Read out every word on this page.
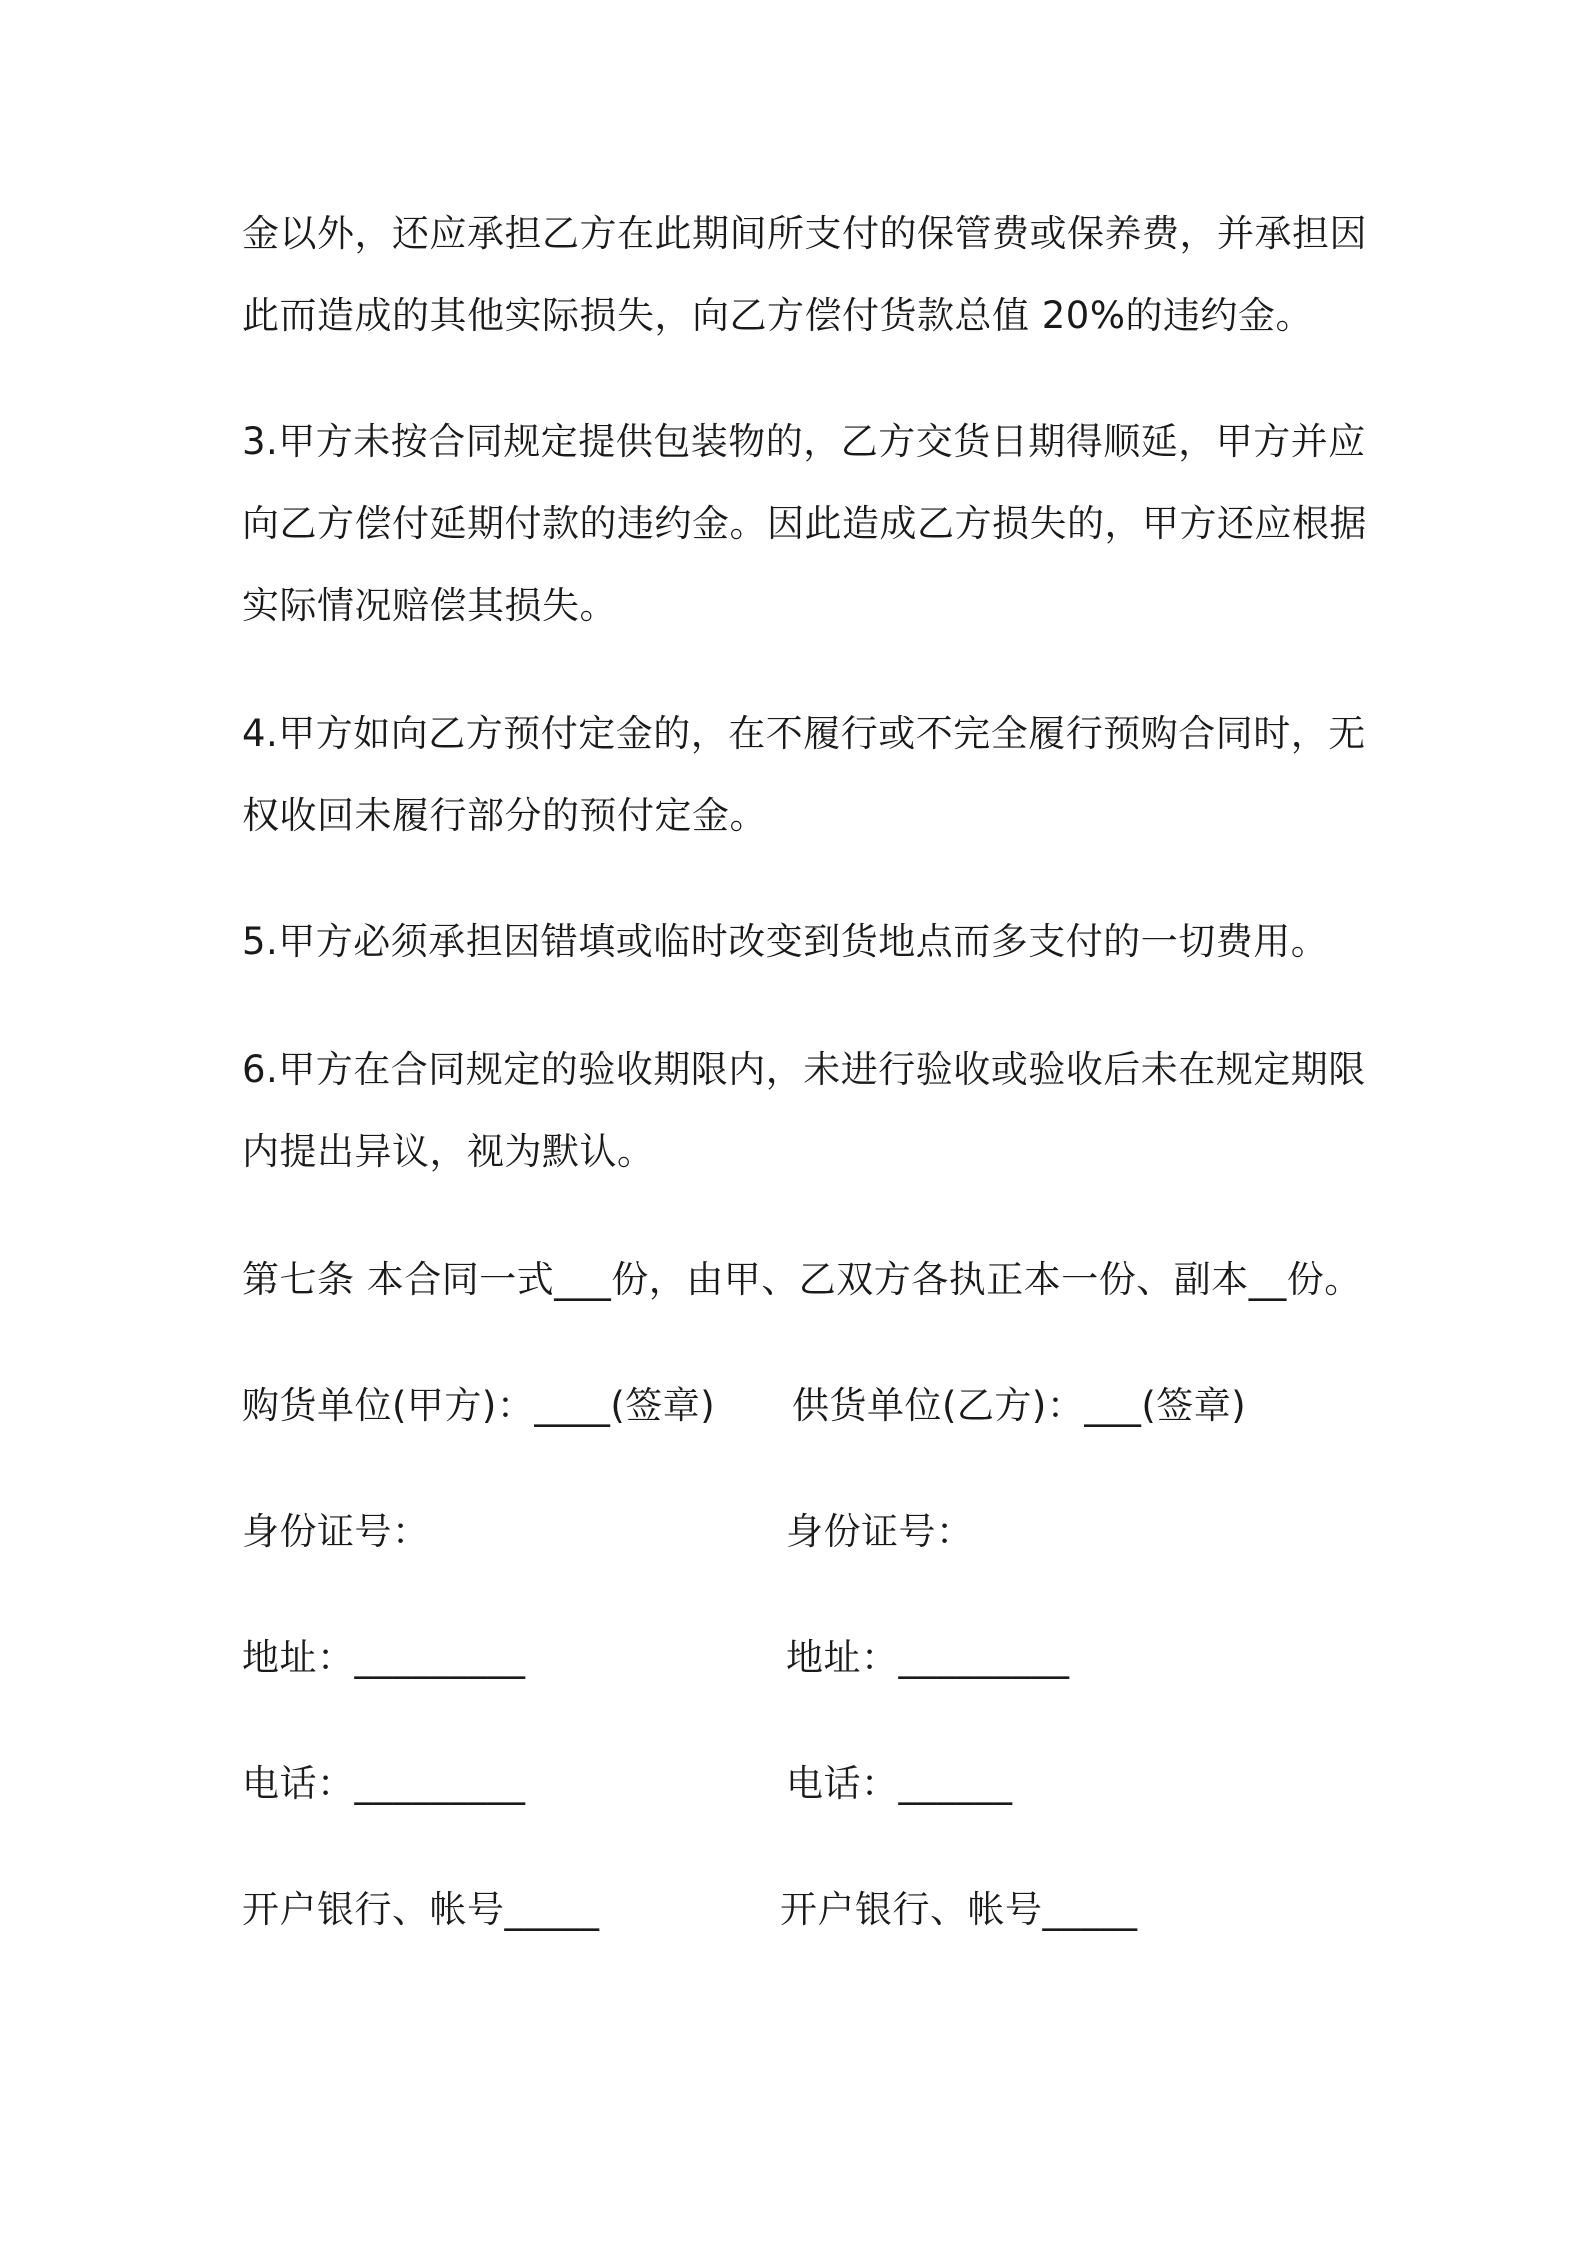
金以外，还应承担乙方在此期间所支付的保管费或保养费，并承担因
此而造成的其他实际损失，向乙方偿付货款总值 20%的违约金。
3.甲方未按合同规定提供包装物的，乙方交货日期得顺延，甲方并应
向乙方偿付延期付款的违约金。因此造成乙方损失的，甲方还应根据
实际情况赔偿其损失。
4.甲方如向乙方预付定金的，在不履行或不完全履行预购合同时，无
权收回未履行部分的预付定金。
5.甲方必须承担因错填或临时改变到货地点而多支付的一切费用。
6.甲方在合同规定的验收期限内，未进行验收或验收后未在规定期限
内提出异议，视为默认。
第七条 本合同一式___份，由甲、乙双方各执正本一份、副本__份。
购货单位(甲方)：____(签章) 供货单位(乙方)：___(签章)
身份证号：	身份证号：
地址：_________	地址：_________
电话：_________	电话：______
开户银行、帐号_____	开户银行、帐号_____
